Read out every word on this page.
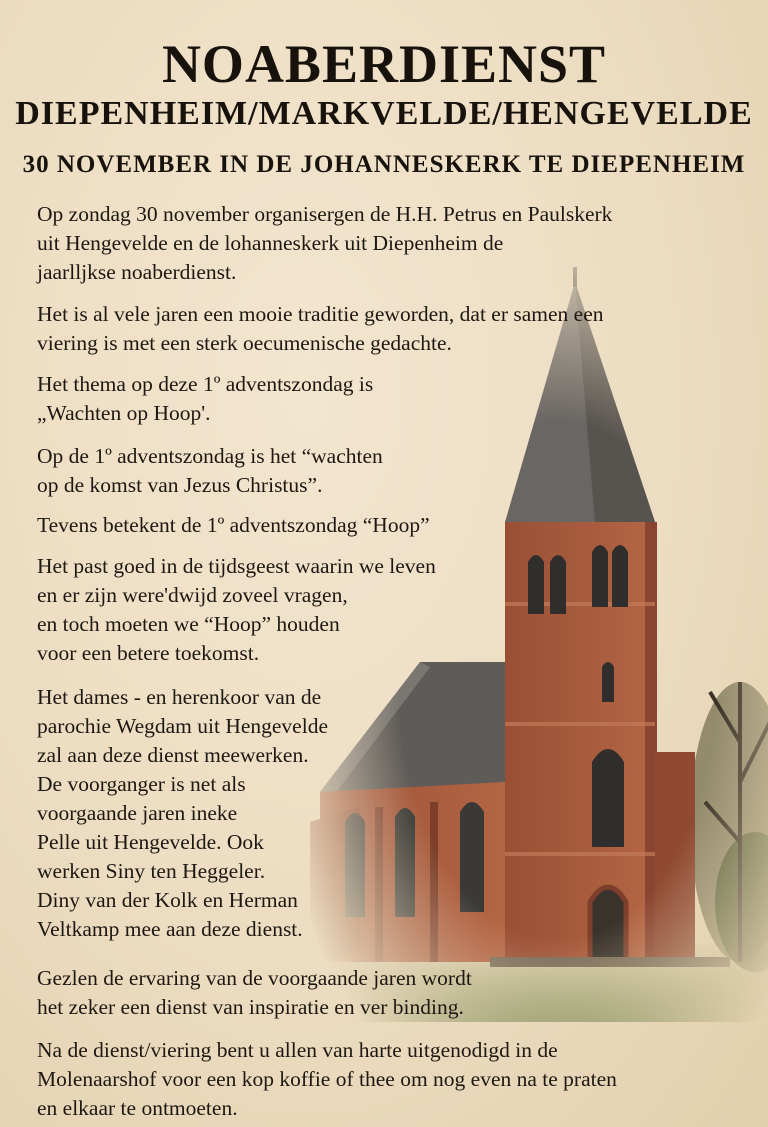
NOABERDIENST
DIEPENHEIM/MARKVELDE/HENGEVELDE
30 NOVEMBER IN DE JOHANNESKERK TE DIEPENHEIM

Op zondag 30 november organisergen de H.H. Petrus en Paulskerk
uit Hengevelde en de lohanneskerk uit Diepenheim de
jaarlljkse noaberdienst.

Het is al vele jaren een mooie traditie geworden, dat er samen een
viering is met een sterk oecumenische gedachte.

Het thema op deze 1º adventszondag is
„Wachten op Hoop'.

Op de 1º adventszondag is het “wachten
op de komst van Jezus Christus”.

Tevens betekent de 1º adventszondag “Hoop”

Het past goed in de tijdsgeest waarin we leven
en er zijn were'dwijd zoveel vragen,
en toch moeten we “Hoop” houden
voor een betere toekomst.

Het dames - en herenkoor van de
parochie Wegdam uit Hengevelde
zal aan deze dienst meewerken.
De voorganger is net als
voorgaande jaren ineke
Pelle uit Hengevelde. Ook
werken Siny ten Heggeler.
Diny van der Kolk en Herman
Veltkamp mee aan deze dienst.

Gezlen de ervaring van de voorgaande jaren wordt
het zeker een dienst van inspiratie en ver binding.

Na de dienst/viering bent u allen van harte uitgenodigd in de
Molenaarshof voor een kop koffie of thee om nog even na te praten
en elkaar te ontmoeten.
